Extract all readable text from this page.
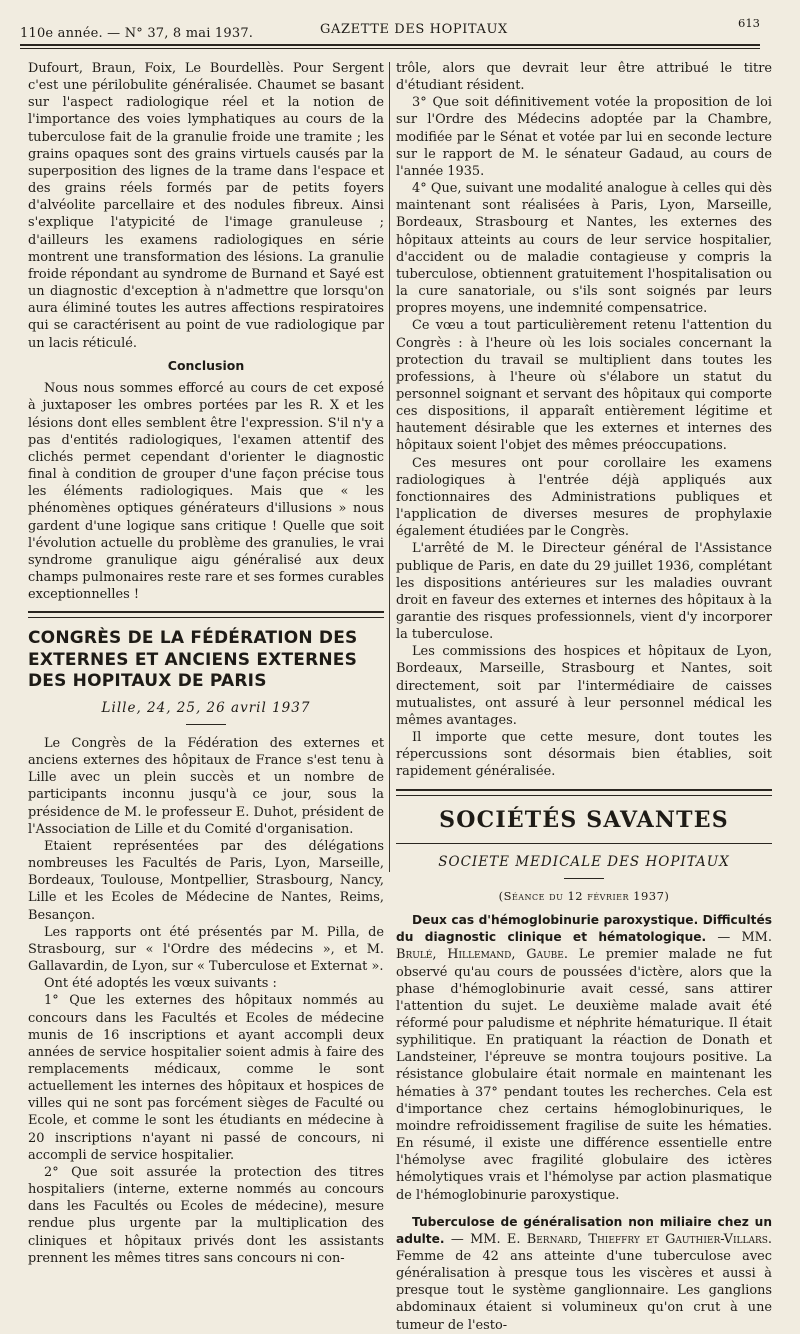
110e année. — N° 37, 8 mai 1937.	GAZETTE DES HOPITAUX	613

Dufourt, Braun, Foix, Le Bourdellès. Pour Sergent c'est une périlobulite généralisée. Chaumet se basant sur l'aspect radiologique réel et la notion de l'importance des voies lymphatiques au cours de la tuberculose fait de la granulie froide une tramite ; les grains opaques sont des grains virtuels causés par la superposition des lignes de la trame dans l'espace et des grains réels formés par de petits foyers d'alvéolite parcellaire et des nodules fibreux. Ainsi s'explique l'atypicité de l'image granuleuse ; d'ailleurs les examens radiologiques en série montrent une transformation des lésions. La granulie froide répondant au syndrome de Burnand et Sayé est un diagnostic d'exception à n'admettre que lorsqu'on aura éliminé toutes les autres affections respiratoires qui se caractérisent au point de vue radiologique par un lacis réticulé.

Conclusion

Nous nous sommes efforcé au cours de cet exposé à juxtaposer les ombres portées par les R. X et les lésions dont elles semblent être l'expression. S'il n'y a pas d'entités radiologiques, l'examen attentif des clichés permet cependant d'orienter le diagnostic final à condition de grouper d'une façon précise tous les éléments radiologiques. Mais que « les phénomènes optiques générateurs d'illusions » nous gardent d'une logique sans critique ! Quelle que soit l'évolution actuelle du problème des granulies, le vrai syndrome granulique aigu généralisé aux deux champs pulmonaires reste rare et ses formes curables exceptionnelles !

CONGRÈS DE LA FÉDÉRATION DES EXTERNES ET ANCIENS EXTERNES DES HOPITAUX DE PARIS
Lille, 24, 25, 26 avril 1937

Le Congrès de la Fédération des externes et anciens externes des hôpitaux de France s'est tenu à Lille avec un plein succès et un nombre de participants inconnu jusqu'à ce jour, sous la présidence de M. le professeur E. Duhot, président de l'Association de Lille et du Comité d'organisation.

Etaient représentées par des délégations nombreuses les Facultés de Paris, Lyon, Marseille, Bordeaux, Toulouse, Montpellier, Strasbourg, Nancy, Lille et les Ecoles de Médecine de Nantes, Reims, Besançon.

Les rapports ont été présentés par M. Pilla, de Strasbourg, sur « l'Ordre des médecins », et M. Gallavardin, de Lyon, sur « Tuberculose et Externat ».

Ont été adoptés les vœux suivants :

1° Que les externes des hôpitaux nommés au concours dans les Facultés et Ecoles de médecine munis de 16 inscriptions et ayant accompli deux années de service hospitalier soient admis à faire des remplacements médicaux, comme le sont actuellement les internes des hôpitaux et hospices de villes qui ne sont pas forcément sièges de Faculté ou Ecole, et comme le sont les étudiants en médecine à 20 inscriptions n'ayant ni passé de concours, ni accompli de service hospitalier.

2° Que soit assurée la protection des titres hospitaliers (interne, externe nommés au concours dans les Facultés ou Ecoles de médecine), mesure rendue plus urgente par la multiplication des cliniques et hôpitaux privés dont les assistants prennent les mêmes titres sans concours ni con-

trôle, alors que devrait leur être attribué le titre d'étudiant résident.

3° Que soit définitivement votée la proposition de loi sur l'Ordre des Médecins adoptée par la Chambre, modifiée par le Sénat et votée par lui en seconde lecture sur le rapport de M. le sénateur Gadaud, au cours de l'année 1935.

4° Que, suivant une modalité analogue à celles qui dès maintenant sont réalisées à Paris, Lyon, Marseille, Bordeaux, Strasbourg et Nantes, les externes des hôpitaux atteints au cours de leur service hospitalier, d'accident ou de maladie contagieuse y compris la tuberculose, obtiennent gratuitement l'hospitalisation ou la cure sanatoriale, ou s'ils sont soignés par leurs propres moyens, une indemnité compensatrice.

Ce vœu a tout particulièrement retenu l'attention du Congrès : à l'heure où les lois sociales concernant la protection du travail se multiplient dans toutes les professions, à l'heure où s'élabore un statut du personnel soignant et servant des hôpitaux qui comporte ces dispositions, il apparaît entièrement légitime et hautement désirable que les externes et internes des hôpitaux soient l'objet des mêmes préoccupations.

Ces mesures ont pour corollaire les examens radiologiques à l'entrée déjà appliqués aux fonctionnaires des Administrations publiques et l'application de diverses mesures de prophylaxie également étudiées par le Congrès.

L'arrêté de M. le Directeur général de l'Assistance publique de Paris, en date du 29 juillet 1936, complétant les dispositions antérieures sur les maladies ouvrant droit en faveur des externes et internes des hôpitaux à la garantie des risques professionnels, vient d'y incorporer la tuberculose.

Les commissions des hospices et hôpitaux de Lyon, Bordeaux, Marseille, Strasbourg et Nantes, soit directement, soit par l'intermédiaire de caisses mutualistes, ont assuré à leur personnel médical les mêmes avantages.

Il importe que cette mesure, dont toutes les répercussions sont désormais bien établies, soit rapidement généralisée.

SOCIÉTÉS SAVANTES
SOCIETE MEDICALE DES HOPITAUX
(Séance du 12 février 1937)

Deux cas d'hémoglobinurie paroxystique. Difficultés du diagnostic clinique et hématologique. — MM. Brulé, Hillemand, Gaube. Le premier malade ne fut observé qu'au cours de poussées d'ictère, alors que la phase d'hémoglobinurie avait cessé, sans attirer l'attention du sujet. Le deuxième malade avait été réformé pour paludisme et néphrite hématurique. Il était syphilitique. En pratiquant la réaction de Donath et Landsteiner, l'épreuve se montra toujours positive. La résistance globulaire était normale en maintenant les hématies à 37° pendant toutes les recherches. Cela est d'importance chez certains hémoglobinuriques, le moindre refroidissement fragilise de suite les hématies. En résumé, il existe une différence essentielle entre l'hémolyse avec fragilité globulaire des ictères hémolytiques vrais et l'hémolyse par action plasmatique de l'hémoglobinurie paroxystique.

Tuberculose de généralisation non miliaire chez un adulte. — MM. E. Bernard, Thieffry et Gauthier-Villars. Femme de 42 ans atteinte d'une tuberculose avec généralisation à presque tous les viscères et aussi à presque tout le système ganglionnaire. Les ganglions abdominaux étaient si volumineux qu'on crut à une tumeur de l'esto-
